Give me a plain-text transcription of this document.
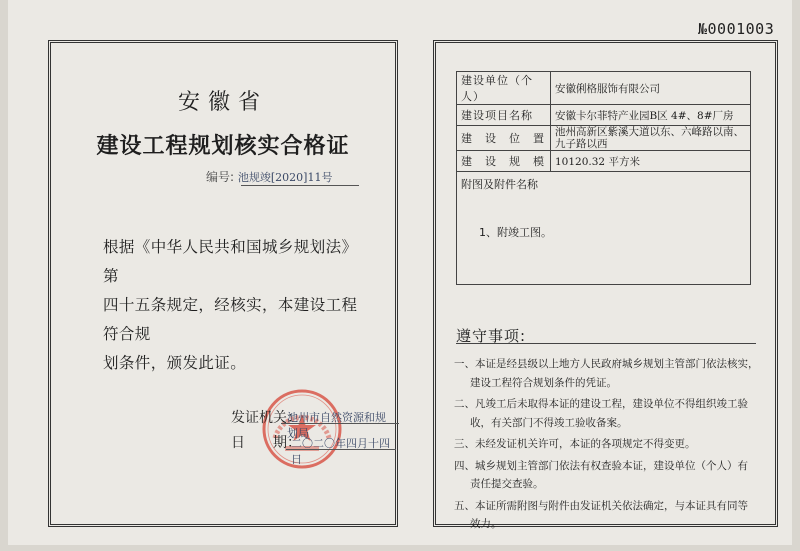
№0001003
安徽省
建设工程规划核实合格证
编号: 池规竣[2020]11号
根据《中华人民共和国城乡规划法》第
四十五条规定，经核实，本建设工程符合规
划条件，颁发此证。
发证机关：
池州市自然资源和规划局
日　　期：
二〇二〇年四月十四日
建设单位（个人）	安徽俐格服饰有限公司
建设项目名称	安徽卡尔菲特产业园B区 4#、8#厂房
建　设　位　置	池州高新区紫溪大道以东、六峰路以南、九子路以西
建　设　规　模	10120.32 平方米
附图及附件名称
1、附竣工图。	
遵守事项:
一、本证是经县级以上地方人民政府城乡规划主管部门依法核实，
建设工程符合规划条件的凭证。
二、凡竣工后未取得本证的建设工程，建设单位不得组织竣工验
收，有关部门不得竣工验收备案。
三、未经发证机关许可，本证的各项规定不得变更。
四、城乡规划主管部门依法有权查验本证，建设单位（个人）有
责任提交查验。
五、本证所需附图与附件由发证机关依法确定，与本证具有同等
效力。
